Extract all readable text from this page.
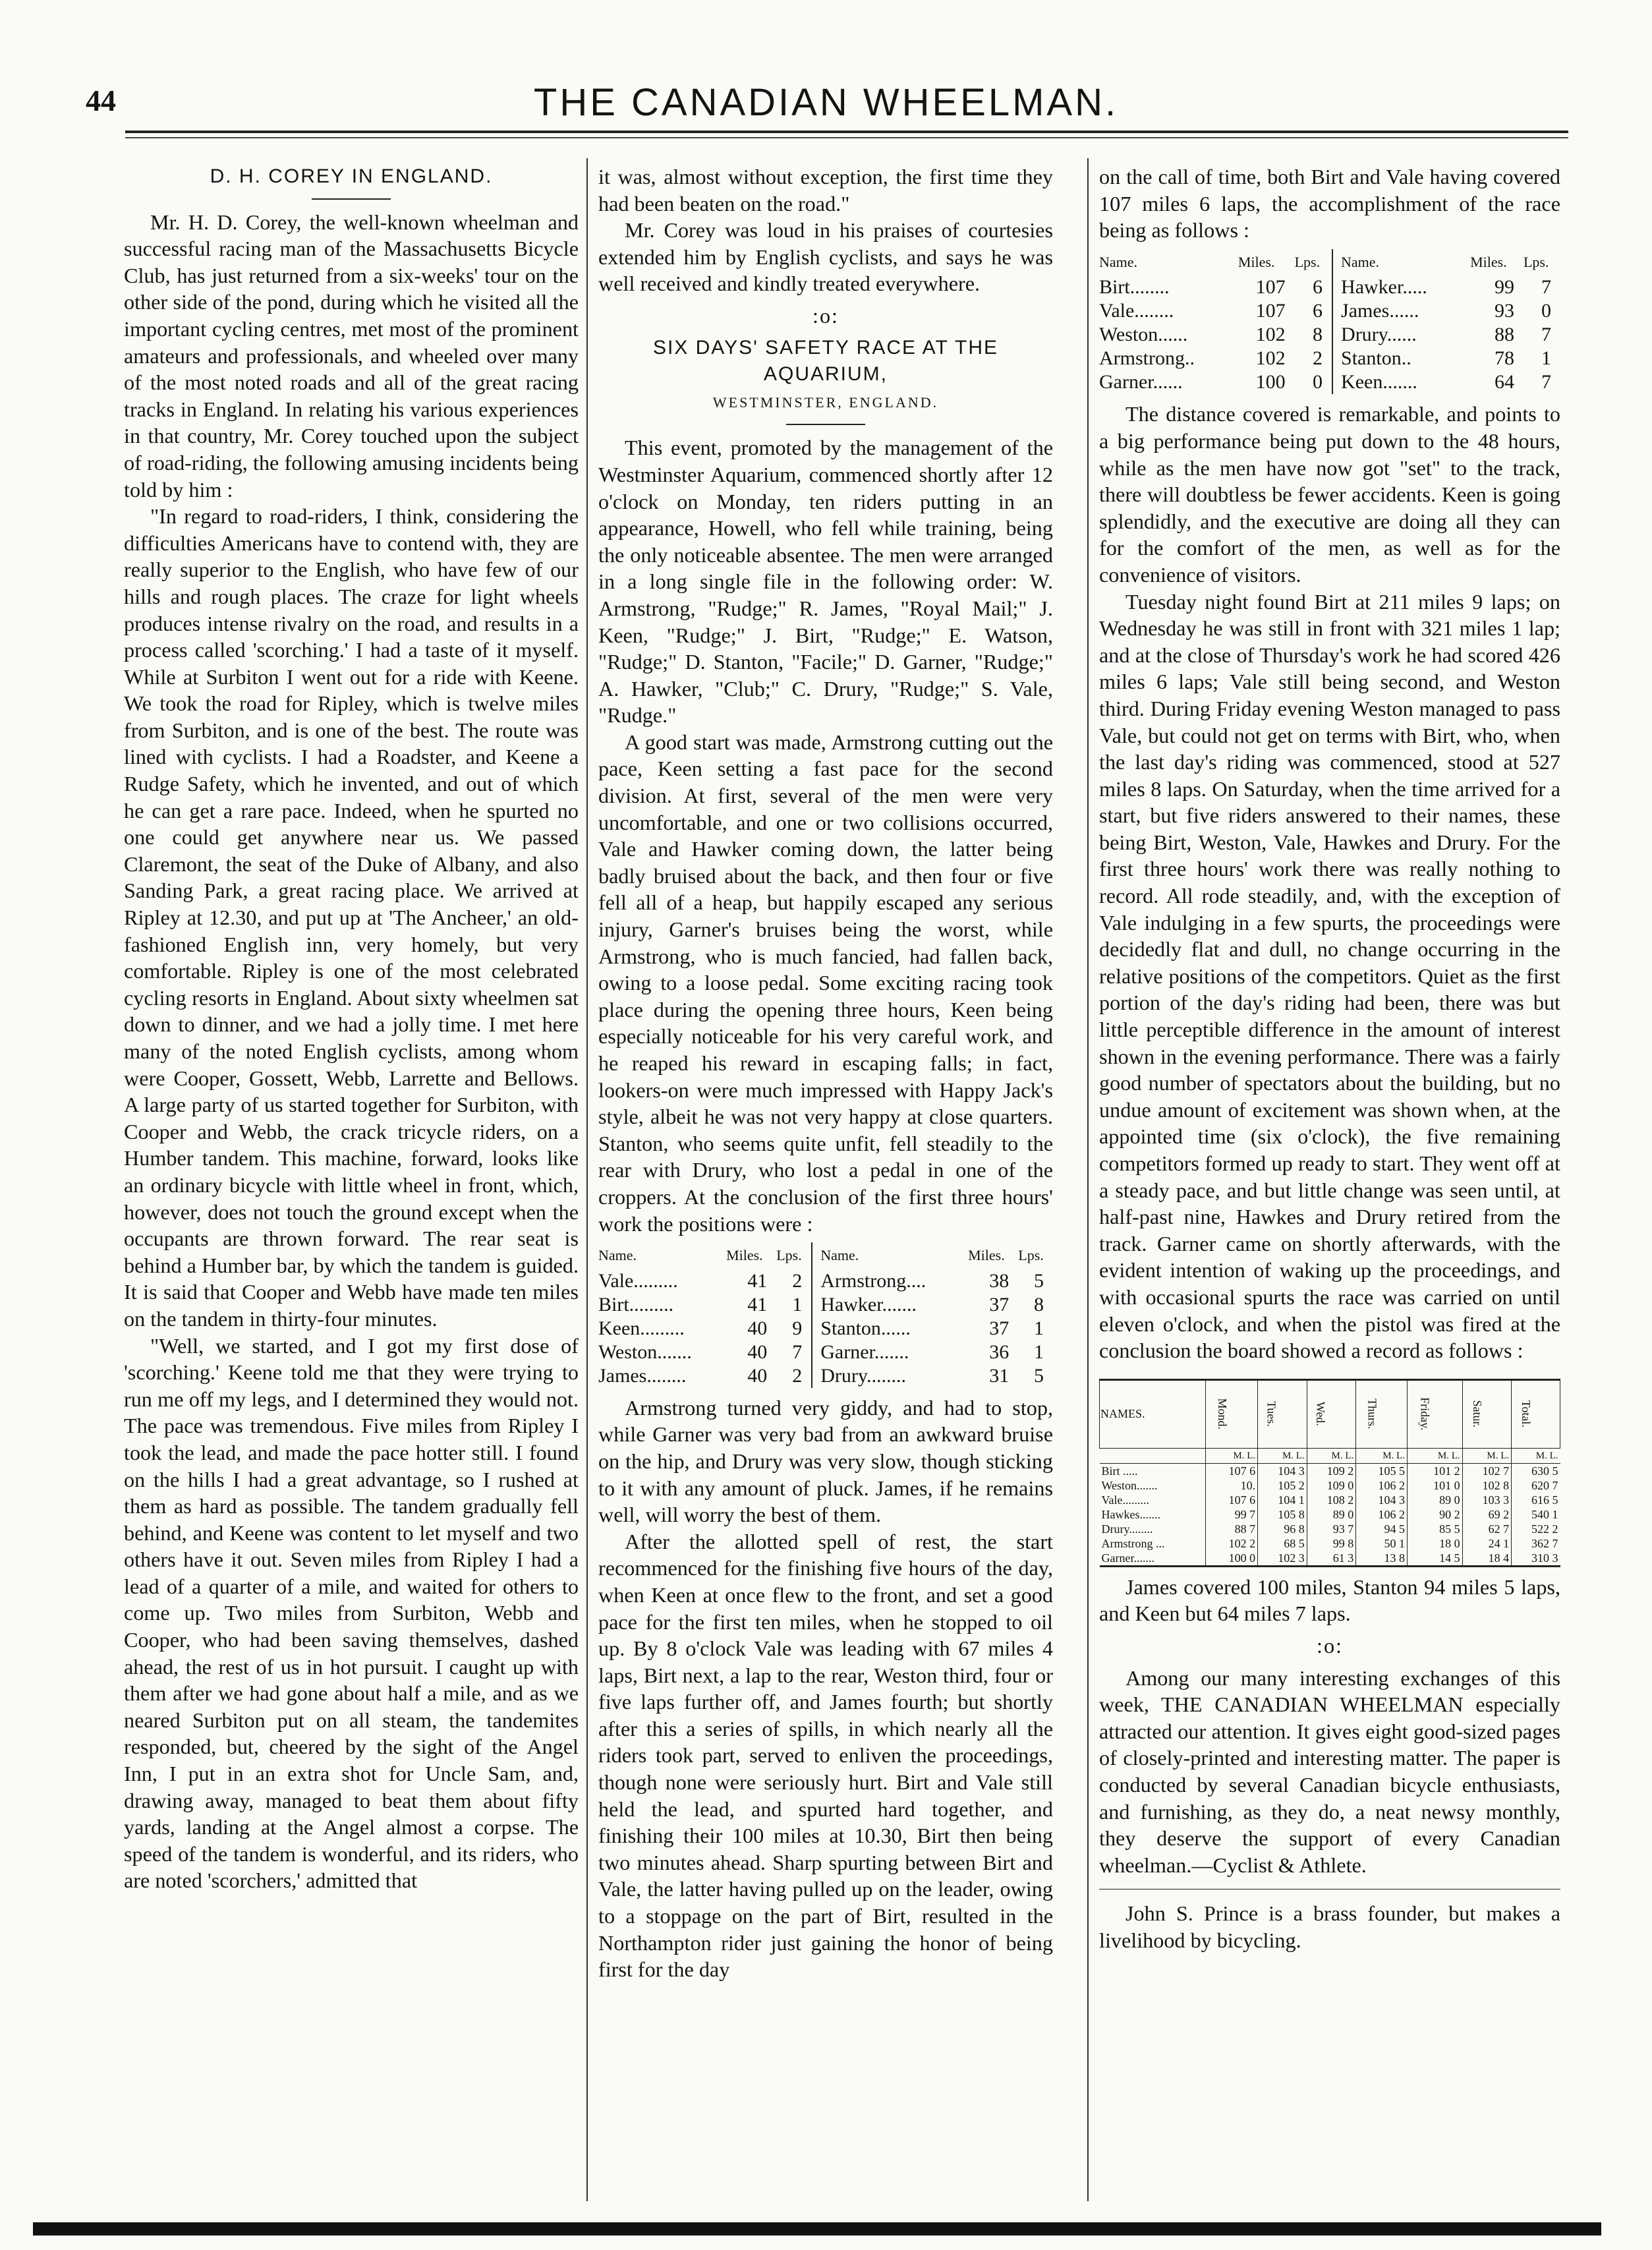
44	THE CANADIAN WHEELMAN.
D. H. COREY IN ENGLAND.

Mr. H. D. Corey, the well-known wheelman and successful racing man of the Massachusetts Bicycle Club, has just returned from a six-weeks' tour on the other side of the pond, during which he visited all the important cycling centres, met most of the prominent amateurs and professionals, and wheeled over many of the most noted roads and all of the great racing tracks in England. In relating his various experiences in that country, Mr. Corey touched upon the subject of road-riding, the following amusing incidents being told by him :

"In regard to road-riders, I think, considering the difficulties Americans have to contend with, they are really superior to the English, who have few of our hills and rough places. The craze for light wheels produces intense rivalry on the road, and results in a process called 'scorching.' I had a taste of it myself. While at Surbiton I went out for a ride with Keene. We took the road for Ripley, which is twelve miles from Surbiton, and is one of the best. The route was lined with cyclists. I had a Roadster, and Keene a Rudge Safety, which he invented, and out of which he can get a rare pace. Indeed, when he spurted no one could get anywhere near us. We passed Claremont, the seat of the Duke of Albany, and also Sanding Park, a great racing place. We arrived at Ripley at 12.30, and put up at 'The Ancheer,' an old-fashioned English inn, very homely, but very comfortable. Ripley is one of the most celebrated cycling resorts in England. About sixty wheelmen sat down to dinner, and we had a jolly time. I met here many of the noted English cyclists, among whom were Cooper, Gossett, Webb, Larrette and Bellows. A large party of us started together for Surbiton, with Cooper and Webb, the crack tricycle riders, on a Humber tandem. This machine, forward, looks like an ordinary bicycle with little wheel in front, which, however, does not touch the ground except when the occupants are thrown forward. The rear seat is behind a Humber bar, by which the tandem is guided. It is said that Cooper and Webb have made ten miles on the tandem in thirty-four minutes.

"Well, we started, and I got my first dose of 'scorching.' Keene told me that they were trying to run me off my legs, and I determined they would not. The pace was tremendous. Five miles from Ripley I took the lead, and made the pace hotter still. I found on the hills I had a great advantage, so I rushed at them as hard as possible. The tandem gradually fell behind, and Keene was content to let myself and two others have it out. Seven miles from Ripley I had a lead of a quarter of a mile, and waited for others to come up. Two miles from Surbiton, Webb and Cooper, who had been saving themselves, dashed ahead, the rest of us in hot pursuit. I caught up with them after we had gone about half a mile, and as we neared Surbiton put on all steam, the tandemites responded, but, cheered by the sight of the Angel Inn, I put in an extra shot for Uncle Sam, and, drawing away, managed to beat them about fifty yards, landing at the Angel almost a corpse. The speed of the tandem is wonderful, and its riders, who are noted 'scorchers,' admitted that

it was, almost without exception, the first time they had been beaten on the road."

Mr. Corey was loud in his praises of courtesies extended him by English cyclists, and says he was well received and kindly treated everywhere.

:o:
SIX DAYS' SAFETY RACE AT THE AQUARIUM,
WESTMINSTER, ENGLAND.

This event, promoted by the management of the Westminster Aquarium, commenced shortly after 12 o'clock on Monday, ten riders putting in an appearance, Howell, who fell while training, being the only noticeable absentee. The men were arranged in a long single file in the following order: W. Armstrong, "Rudge;" R. James, "Royal Mail;" J. Keen, "Rudge;" J. Birt, "Rudge;" E. Watson, "Rudge;" D. Stanton, "Facile;" D. Garner, "Rudge;" A. Hawker, "Club;" C. Drury, "Rudge;" S. Vale, "Rudge."

A good start was made, Armstrong cutting out the pace, Keen setting a fast pace for the second division. At first, several of the men were very uncomfortable, and one or two collisions occurred, Vale and Hawker coming down, the latter being badly bruised about the back, and then four or five fell all of a heap, but happily escaped any serious injury, Garner's bruises being the worst, while Armstrong, who is much fancied, had fallen back, owing to a loose pedal. Some exciting racing took place during the opening three hours, Keen being especially noticeable for his very careful work, and he reaped his reward in escaping falls; in fact, lookers-on were much impressed with Happy Jack's style, albeit he was not very happy at close quarters. Stanton, who seems quite unfit, fell steadily to the rear with Drury, who lost a pedal in one of the croppers. At the conclusion of the first three hours' work the positions were :

Name.	Miles.	Lps.	Name.	Miles.	Lps.
Vale.........	41	2	Armstrong....	38	5
Birt.........	41	1	Hawker.......	37	8
Keen.........	40	9	Stanton......	37	1
Weston.......	40	7	Garner.......	36	1
James........	40	2	Drury........	31	5

Armstrong turned very giddy, and had to stop, while Garner was very bad from an awkward bruise on the hip, and Drury was very slow, though sticking to it with any amount of pluck. James, if he remains well, will worry the best of them.

After the allotted spell of rest, the start recommenced for the finishing five hours of the day, when Keen at once flew to the front, and set a good pace for the first ten miles, when he stopped to oil up. By 8 o'clock Vale was leading with 67 miles 4 laps, Birt next, a lap to the rear, Weston third, four or five laps further off, and James fourth; but shortly after this a series of spills, in which nearly all the riders took part, served to enliven the proceedings, though none were seriously hurt. Birt and Vale still held the lead, and spurted hard together, and finishing their 100 miles at 10.30, Birt then being two minutes ahead. Sharp spurting between Birt and Vale, the latter having pulled up on the leader, owing to a stoppage on the part of Birt, resulted in the Northampton rider just gaining the honor of being first for the day

on the call of time, both Birt and Vale having covered 107 miles 6 laps, the accomplishment of the race being as follows :

Name.	Miles.	Lps.	Name.	Miles.	Lps.
Birt........	107	6	Hawker.....	99	7
Vale........	107	6	James......	93	0
Weston......	102	8	Drury......	88	7
Armstrong..	102	2	Stanton..	78	1
Garner......	100	0	Keen.......	64	7

The distance covered is remarkable, and points to a big performance being put down to the 48 hours, while as the men have now got "set" to the track, there will doubtless be fewer accidents. Keen is going splendidly, and the executive are doing all they can for the comfort of the men, as well as for the convenience of visitors.

Tuesday night found Birt at 211 miles 9 laps; on Wednesday he was still in front with 321 miles 1 lap; and at the close of Thursday's work he had scored 426 miles 6 laps; Vale still being second, and Weston third. During Friday evening Weston managed to pass Vale, but could not get on terms with Birt, who, when the last day's riding was commenced, stood at 527 miles 8 laps. On Saturday, when the time arrived for a start, but five riders answered to their names, these being Birt, Weston, Vale, Hawkes and Drury. For the first three hours' work there was really nothing to record. All rode steadily, and, with the exception of Vale indulging in a few spurts, the proceedings were decidedly flat and dull, no change occurring in the relative positions of the competitors. Quiet as the first portion of the day's riding had been, there was but little perceptible difference in the amount of interest shown in the evening performance. There was a fairly good number of spectators about the building, but no undue amount of excitement was shown when, at the appointed time (six o'clock), the five remaining competitors formed up ready to start. They went off at a steady pace, and but little change was seen until, at half-past nine, Hawkes and Drury retired from the track. Garner came on shortly afterwards, with the evident intention of waking up the proceedings, and with occasional spurts the race was carried on until eleven o'clock, and when the pistol was fired at the conclusion the board showed a record as follows :

NAMES.	Mond.	Tues.	Wed.	Thurs.	Friday.	Satur.	Total.
	M. L.	M. L.	M. L.	M. L.	M. L.	M. L.	M. L.
Birt .....	107 6	104 3	109 2	105 5	101 2	102 7	630 5
Weston.......	10.	105 2	109 0	106 2	101 0	102 8	620 7
Vale.........	107 6	104 1	108 2	104 3	89 0	103 3	616 5
Hawkes.......	99 7	105 8	89 0	106 2	90 2	69 2	540 1
Drury........	88 7	96 8	93 7	94 5	85 5	62 7	522 2
Armstrong ...	102 2	68 5	99 8	50 1	18 0	24 1	362 7
Garner.......	100 0	102 3	61 3	13 8	14 5	18 4	310 3

James covered 100 miles, Stanton 94 miles 5 laps, and Keen but 64 miles 7 laps.

:o:

Among our many interesting exchanges of this week, THE CANADIAN WHEELMAN especially attracted our attention. It gives eight good-sized pages of closely-printed and interesting matter. The paper is conducted by several Canadian bicycle enthusiasts, and furnishing, as they do, a neat newsy monthly, they deserve the support of every Canadian wheelman.—Cyclist & Athlete.

John S. Prince is a brass founder, but makes a livelihood by bicycling.
